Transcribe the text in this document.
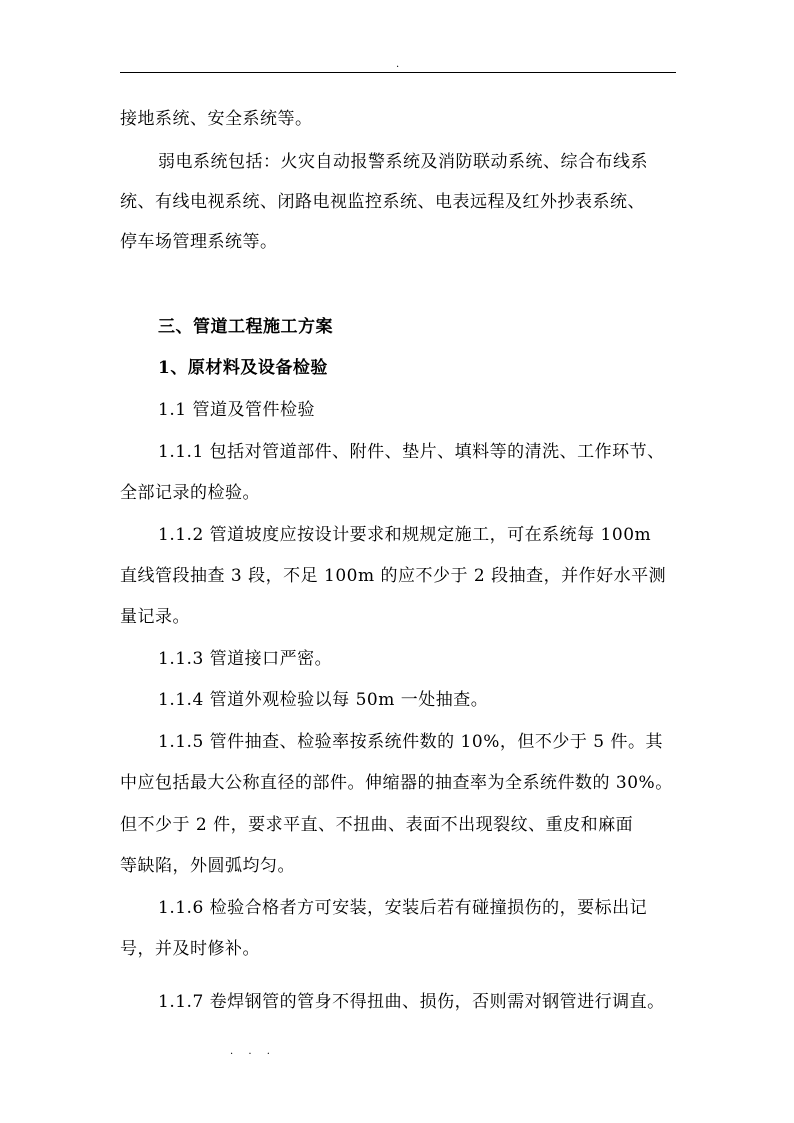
.
接地系统、安全系统等。
弱电系统包括：火灾自动报警系统及消防联动系统、综合布线系
统、有线电视系统、闭路电视监控系统、电表远程及红外抄表系统、
停车场管理系统等。
三、管道工程施工方案
1、原材料及设备检验
1.1 管道及管件检验
1.1.1 包括对管道部件、附件、垫片、填料等的清洗、工作环节、
全部记录的检验。
1.1.2 管道坡度应按设计要求和规规定施工，可在系统每 100m
直线管段抽查 3 段，不足 100m 的应不少于 2 段抽查，并作好水平测
量记录。
1.1.3 管道接口严密。
1.1.4 管道外观检验以每 50m 一处抽查。
1.1.5 管件抽查、检验率按系统件数的 10%，但不少于 5 件。其
中应包括最大公称直径的部件。伸缩器的抽查率为全系统件数的 30%。
但不少于 2 件，要求平直、不扭曲、表面不出现裂纹、重皮和麻面
等缺陷，外圆弧均匀。
1.1.6 检验合格者方可安装，安装后若有碰撞损伤的，要标出记
号，并及时修补。
1.1.7 卷焊钢管的管身不得扭曲、损伤，否则需对钢管进行调直。
. . .
